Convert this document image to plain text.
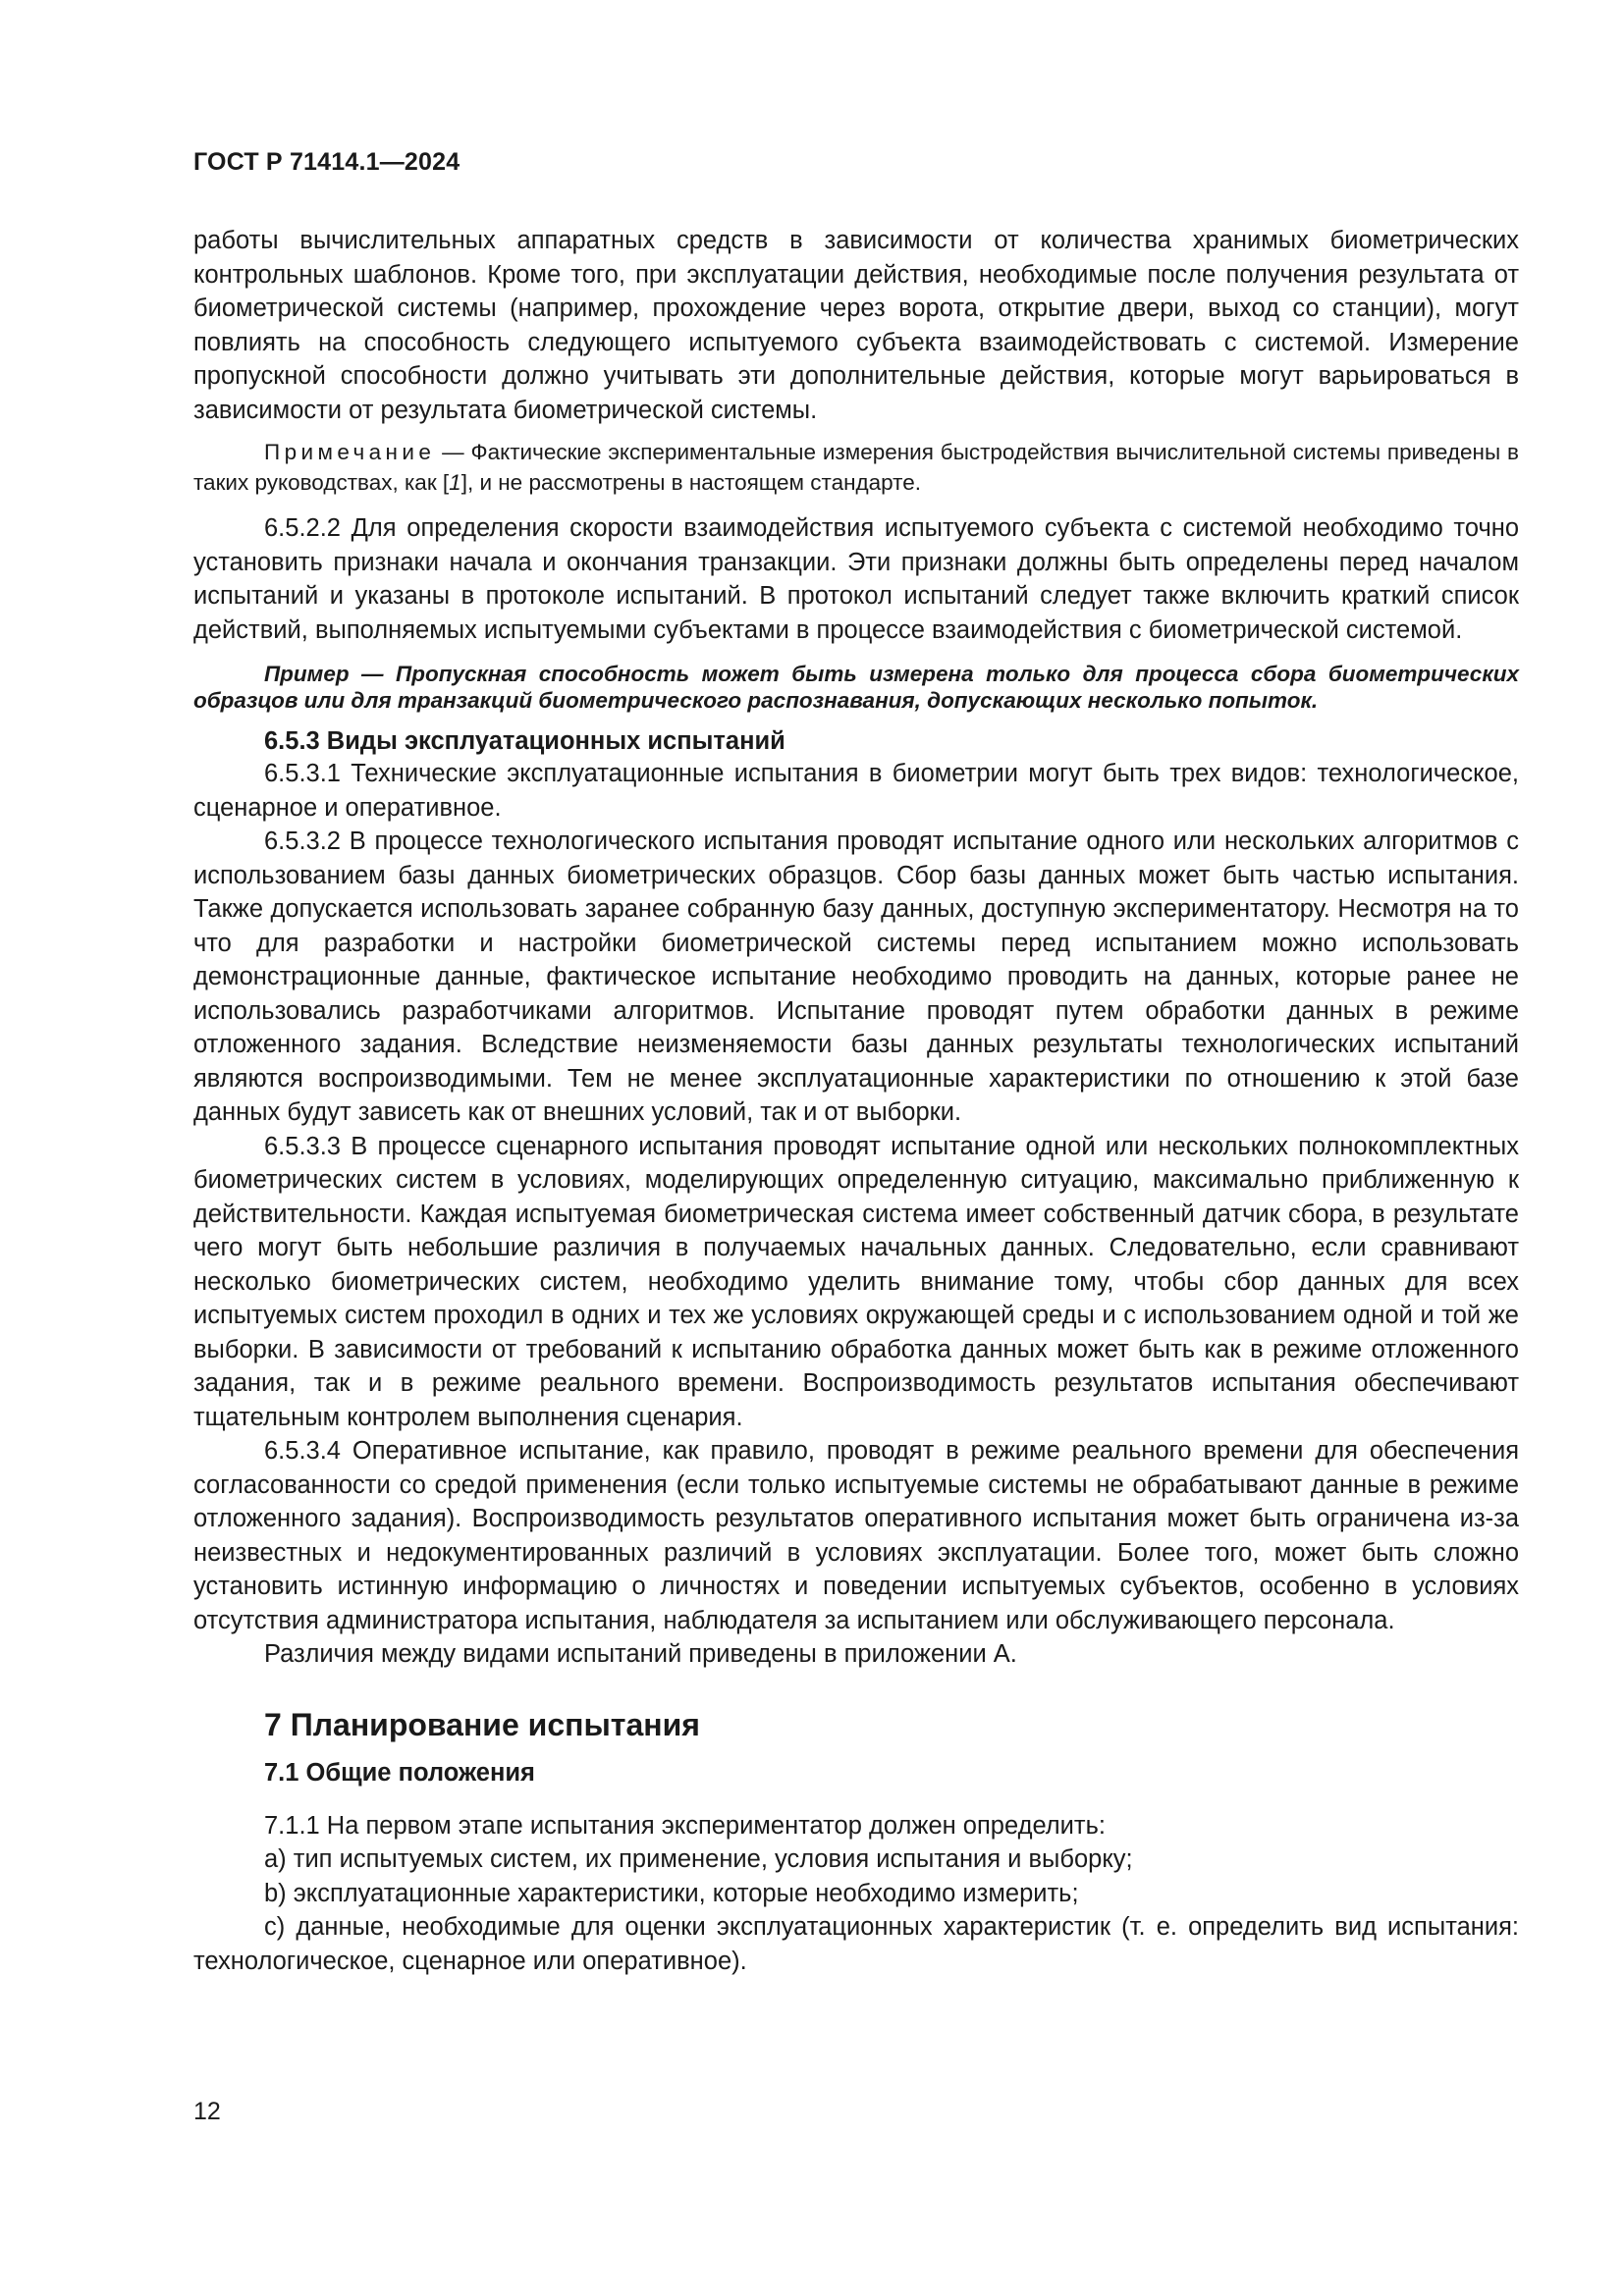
ГОСТ Р 71414.1—2024

работы вычислительных аппаратных средств в зависимости от количества хранимых биометрических контрольных шаблонов. Кроме того, при эксплуатации действия, необходимые после получения результата от биометрической системы (например, прохождение через ворота, открытие двери, выход со станции), могут повлиять на способность следующего испытуемого субъекта взаимодействовать с системой. Измерение пропускной способности должно учитывать эти дополнительные действия, которые могут варьироваться в зависимости от результата биометрической системы.

Примечание — Фактические экспериментальные измерения быстродействия вычислительной системы приведены в таких руководствах, как [1], и не рассмотрены в настоящем стандарте.

6.5.2.2 Для определения скорости взаимодействия испытуемого субъекта с системой необходимо точно установить признаки начала и окончания транзакции. Эти признаки должны быть определены перед началом испытаний и указаны в протоколе испытаний. В протокол испытаний следует также включить краткий список действий, выполняемых испытуемыми субъектами в процессе взаимодействия с биометрической системой.

Пример — Пропускная способность может быть измерена только для процесса сбора биометрических образцов или для транзакций биометрического распознавания, допускающих несколько попыток.

6.5.3 Виды эксплуатационных испытаний

6.5.3.1 Технические эксплуатационные испытания в биометрии могут быть трех видов: технологическое, сценарное и оперативное.

6.5.3.2 В процессе технологического испытания проводят испытание одного или нескольких алгоритмов с использованием базы данных биометрических образцов. Сбор базы данных может быть частью испытания. Также допускается использовать заранее собранную базу данных, доступную экспериментатору. Несмотря на то что для разработки и настройки биометрической системы перед испытанием можно использовать демонстрационные данные, фактическое испытание необходимо проводить на данных, которые ранее не использовались разработчиками алгоритмов. Испытание проводят путем обработки данных в режиме отложенного задания. Вследствие неизменяемости базы данных результаты технологических испытаний являются воспроизводимыми. Тем не менее эксплуатационные характеристики по отношению к этой базе данных будут зависеть как от внешних условий, так и от выборки.

6.5.3.3 В процессе сценарного испытания проводят испытание одной или нескольких полнокомплектных биометрических систем в условиях, моделирующих определенную ситуацию, максимально приближенную к действительности. Каждая испытуемая биометрическая система имеет собственный датчик сбора, в результате чего могут быть небольшие различия в получаемых начальных данных. Следовательно, если сравнивают несколько биометрических систем, необходимо уделить внимание тому, чтобы сбор данных для всех испытуемых систем проходил в одних и тех же условиях окружающей среды и с использованием одной и той же выборки. В зависимости от требований к испытанию обработка данных может быть как в режиме отложенного задания, так и в режиме реального времени. Воспроизводимость результатов испытания обеспечивают тщательным контролем выполнения сценария.

6.5.3.4 Оперативное испытание, как правило, проводят в режиме реального времени для обеспечения согласованности со средой применения (если только испытуемые системы не обрабатывают данные в режиме отложенного задания). Воспроизводимость результатов оперативного испытания может быть ограничена из-за неизвестных и недокументированных различий в условиях эксплуатации. Более того, может быть сложно установить истинную информацию о личностях и поведении испытуемых субъектов, особенно в условиях отсутствия администратора испытания, наблюдателя за испытанием или обслуживающего персонала.

Различия между видами испытаний приведены в приложении А.

7 Планирование испытания

7.1 Общие положения

7.1.1 На первом этапе испытания экспериментатор должен определить:

а) тип испытуемых систем, их применение, условия испытания и выборку;

b) эксплуатационные характеристики, которые необходимо измерить;

с) данные, необходимые для оценки эксплуатационных характеристик (т. е. определить вид испытания: технологическое, сценарное или оперативное).

12
